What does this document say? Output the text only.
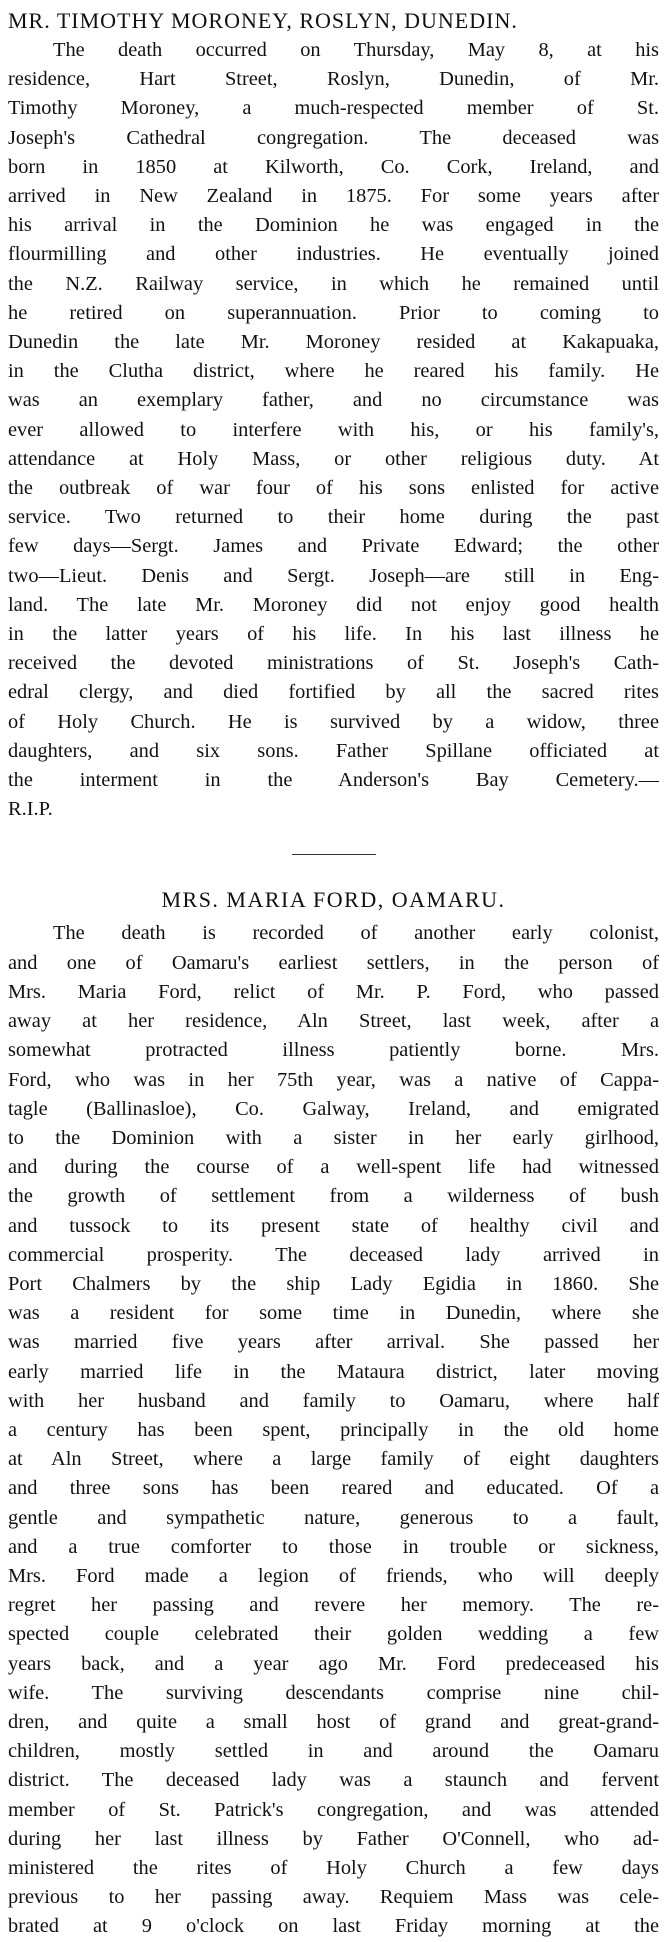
MR. TIMOTHY MORONEY, ROSLYN, DUNEDIN.
The death occurred on Thursday, May 8, at his
residence, Hart Street, Roslyn, Dunedin, of Mr.
Timothy Moroney, a much-respected member of St.
Joseph's Cathedral congregation. The deceased was
born in 1850 at Kilworth, Co. Cork, Ireland, and
arrived in New Zealand in 1875. For some years after
his arrival in the Dominion he was engaged in the
flourmilling and other industries. He eventually joined
the N.Z. Railway service, in which he remained until
he retired on superannuation. Prior to coming to
Dunedin the late Mr. Moroney resided at Kakapuaka,
in the Clutha district, where he reared his family. He
was an exemplary father, and no circumstance was
ever allowed to interfere with his, or his family's,
attendance at Holy Mass, or other religious duty. At
the outbreak of war four of his sons enlisted for active
service. Two returned to their home during the past
few days—Sergt. James and Private Edward; the other
two—Lieut. Denis and Sergt. Joseph—are still in Eng-
land. The late Mr. Moroney did not enjoy good health
in the latter years of his life. In his last illness he
received the devoted ministrations of St. Joseph's Cath-
edral clergy, and died fortified by all the sacred rites
of Holy Church. He is survived by a widow, three
daughters, and six sons. Father Spillane officiated at
the interment in the Anderson's Bay Cemetery.—
R.I.P.
MRS. MARIA FORD, OAMARU.
The death is recorded of another early colonist,
and one of Oamaru's earliest settlers, in the person of
Mrs. Maria Ford, relict of Mr. P. Ford, who passed
away at her residence, Aln Street, last week, after a
somewhat protracted illness patiently borne. Mrs.
Ford, who was in her 75th year, was a native of Cappa-
tagle (Ballinasloe), Co. Galway, Ireland, and emigrated
to the Dominion with a sister in her early girlhood,
and during the course of a well-spent life had witnessed
the growth of settlement from a wilderness of bush
and tussock to its present state of healthy civil and
commercial prosperity. The deceased lady arrived in
Port Chalmers by the ship Lady Egidia in 1860. She
was a resident for some time in Dunedin, where she
was married five years after arrival. She passed her
early married life in the Mataura district, later moving
with her husband and family to Oamaru, where half
a century has been spent, principally in the old home
at Aln Street, where a large family of eight daughters
and three sons has been reared and educated. Of a
gentle and sympathetic nature, generous to a fault,
and a true comforter to those in trouble or sickness,
Mrs. Ford made a legion of friends, who will deeply
regret her passing and revere her memory. The re-
spected couple celebrated their golden wedding a few
years back, and a year ago Mr. Ford predeceased his
wife. The surviving descendants comprise nine chil-
dren, and quite a small host of grand and great-grand-
children, mostly settled in and around the Oamaru
district. The deceased lady was a staunch and fervent
member of St. Patrick's congregation, and was attended
during her last illness by Father O'Connell, who ad-
ministered the rites of Holy Church a few days
previous to her passing away. Requiem Mass was cele-
brated at 9 o'clock on last Friday morning at the
